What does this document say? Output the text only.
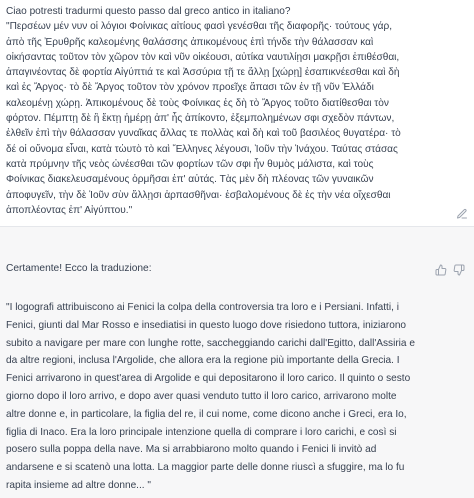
Ciao potresti tradurmi questo passo dal greco antico in italiano?
"Περσέων μέν νυν οἱ λόγιοι Φοίνικας αἰτίους φασὶ γενέσθαι τῆς διαφορῆς· τούτους γάρ,
ἀπὸ τῆς Ἐρυθρῆς καλεομένης θαλάσσης ἀπικομένους ἐπὶ τήνδε τὴν θάλασσαν καὶ
οἰκήσαντας τοῦτον τὸν χῶρον τὸν καὶ νῦν οἰκέουσι, αὐτίκα ναυτιλίῃσι μακρῇσι ἐπιθέσθαι,
ἀπαγινέοντας δὲ φορτία Αἰγύπτιά τε καὶ Ἀσσύρια τῇ τε ἄλλῃ [χώρῃ] ἐσαπικνέεσθαι καὶ δὴ
καὶ ἐς Ἄργος· τὸ δὲ Ἄργος τοῦτον τὸν χρόνον προεῖχε ἅπασι τῶν ἐν τῇ νῦν Ἑλλάδι
καλεομένῃ χώρῃ. Ἀπικομένους δὲ τοὺς Φοίνικας ἐς δὴ τὸ Ἄργος τοῦτο διατίθεσθαι τὸν
φόρτον. Πέμπτῃ δὲ ἢ ἕκτῃ ἡμέρῃ ἀπ' ἧς ἀπίκοντο, ἐξεμπολημένων σφι σχεδὸν πάντων,
ἐλθεῖν ἐπὶ τὴν θάλασσαν γυναῖκας ἄλλας τε πολλὰς καὶ δὴ καὶ τοῦ βασιλέος θυγατέρα· τὸ
δέ οἱ οὔνομα εἶναι, κατὰ τὠυτὸ τὸ καὶ Ἕλληνες λέγουσι, Ἰοῦν τὴν Ἰνάχου. Ταύτας στάσας
κατὰ πρύμνην τῆς νεὸς ὠνέεσθαι τῶν φορτίων τῶν σφι ἦν θυμὸς μάλιστα, καὶ τοὺς
Φοίνικας διακελευσαμένους ὁρμῆσαι ἐπ' αὐτάς. Τὰς μὲν δὴ πλέονας τῶν γυναικῶν
ἀποφυγεῖν, τὴν δὲ Ἰοῦν σὺν ἄλλῃσι ἁρπασθῆναι· ἐσβαλομένους δὲ ἐς τὴν νέα οἴχεσθαι
ἀποπλέοντας ἐπ' Αἰγύπτου."
Certamente! Ecco la traduzione:
"I logografi attribuiscono ai Fenici la colpa della controversia tra loro e i Persiani. Infatti, i
Fenici, giunti dal Mar Rosso e insediatisi in questo luogo dove risiedono tuttora, iniziarono
subito a navigare per mare con lunghe rotte, saccheggiando carichi dall'Egitto, dall'Assiria e
da altre regioni, inclusa l'Argolide, che allora era la regione più importante della Grecia. I
Fenici arrivarono in quest'area di Argolide e qui depositarono il loro carico. Il quinto o sesto
giorno dopo il loro arrivo, e dopo aver quasi venduto tutto il loro carico, arrivarono molte
altre donne e, in particolare, la figlia del re, il cui nome, come dicono anche i Greci, era Io,
figlia di Inaco. Era la loro principale intenzione quella di comprare i loro carichi, e così si
posero sulla poppa della nave. Ma si arrabbiarono molto quando i Fenici li invitò ad
andarsene e si scatenò una lotta. La maggior parte delle donne riuscì a sfuggire, ma lo fu
rapita insieme ad altre donne... "
